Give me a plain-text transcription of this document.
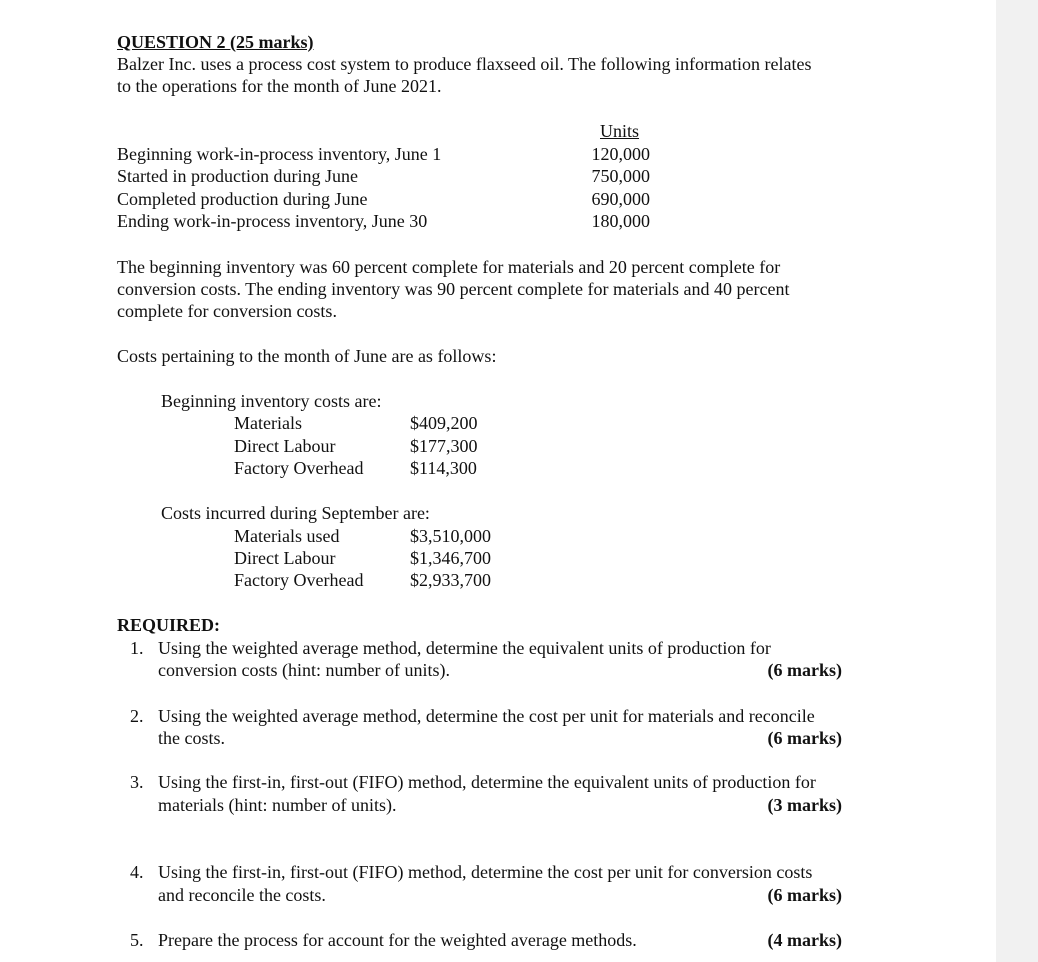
QUESTION 2 (25 marks)
Balzer Inc. uses a process cost system to produce flaxseed oil. The following information relates
to the operations for the month of June 2021.
Units
Beginning work-in-process inventory, June 1	120,000
Started in production during June	750,000
Completed production during June	690,000
Ending work-in-process inventory, June 30	180,000
The beginning inventory was 60 percent complete for materials and 20 percent complete for
conversion costs. The ending inventory was 90 percent complete for materials and 40 percent
complete for conversion costs.
Costs pertaining to the month of June are as follows:
Beginning inventory costs are:
Materials	$409,200
Direct Labour	$177,300
Factory Overhead	$114,300
Costs incurred during September are:
Materials used	$3,510,000
Direct Labour	$1,346,700
Factory Overhead	$2,933,700
REQUIRED:
1. Using the weighted average method, determine the equivalent units of production for
conversion costs (hint: number of units).	(6 marks)
2. Using the weighted average method, determine the cost per unit for materials and reconcile
the costs.	(6 marks)
3. Using the first-in, first-out (FIFO) method, determine the equivalent units of production for
materials (hint: number of units).	(3 marks)
4. Using the first-in, first-out (FIFO) method, determine the cost per unit for conversion costs
and reconcile the costs.	(6 marks)
5. Prepare the process for account for the weighted average methods.	(4 marks)
